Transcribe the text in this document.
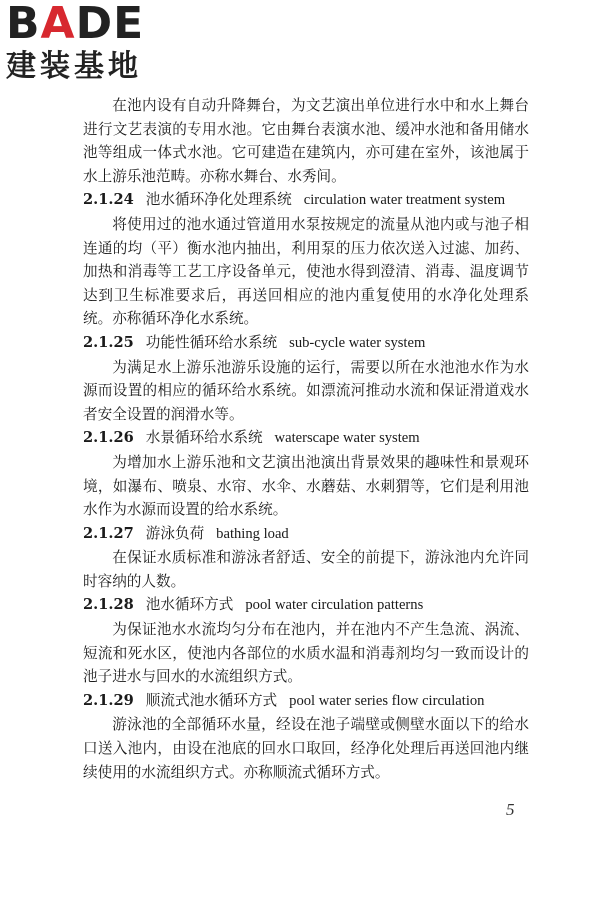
BADE
建装基地

在池内设有自动升降舞台，为文艺演出单位进行水中和水上舞台进行文艺表演的专用水池。它由舞台表演水池、缓冲水池和备用储水池等组成一体式水池。它可建造在建筑内，亦可建在室外，该池属于水上游乐池范畴。亦称水舞台、水秀间。

2.1.24 池水循环净化处理系统 circulation water treatment system

将使用过的池水通过管道用水泵按规定的流量从池内或与池子相连通的均（平）衡水池内抽出，利用泵的压力依次送入过滤、加药、加热和消毒等工艺工序设备单元，使池水得到澄清、消毒、温度调节达到卫生标准要求后，再送回相应的池内重复使用的水净化处理系统。亦称循环净化水系统。

2.1.25 功能性循环给水系统 sub-cycle water system

为满足水上游乐池游乐设施的运行，需要以所在水池池水作为水源而设置的相应的循环给水系统。如漂流河推动水流和保证滑道戏水者安全设置的润滑水等。

2.1.26 水景循环给水系统 waterscape water system

为增加水上游乐池和文艺演出池演出背景效果的趣味性和景观环境，如瀑布、喷泉、水帘、水伞、水蘑菇、水刺猬等，它们是利用池水作为水源而设置的给水系统。

2.1.27 游泳负荷 bathing load

在保证水质标准和游泳者舒适、安全的前提下，游泳池内允许同时容纳的人数。

2.1.28 池水循环方式 pool water circulation patterns

为保证池水水流均匀分布在池内，并在池内不产生急流、涡流、短流和死水区，使池内各部位的水质水温和消毒剂均匀一致而设计的池子进水与回水的水流组织方式。

2.1.29 顺流式池水循环方式 pool water series flow circulation

游泳池的全部循环水量，经设在池子端壁或侧壁水面以下的给水口送入池内，由设在池底的回水口取回，经净化处理后再送回池内继续使用的水流组织方式。亦称顺流式循环方式。

5
